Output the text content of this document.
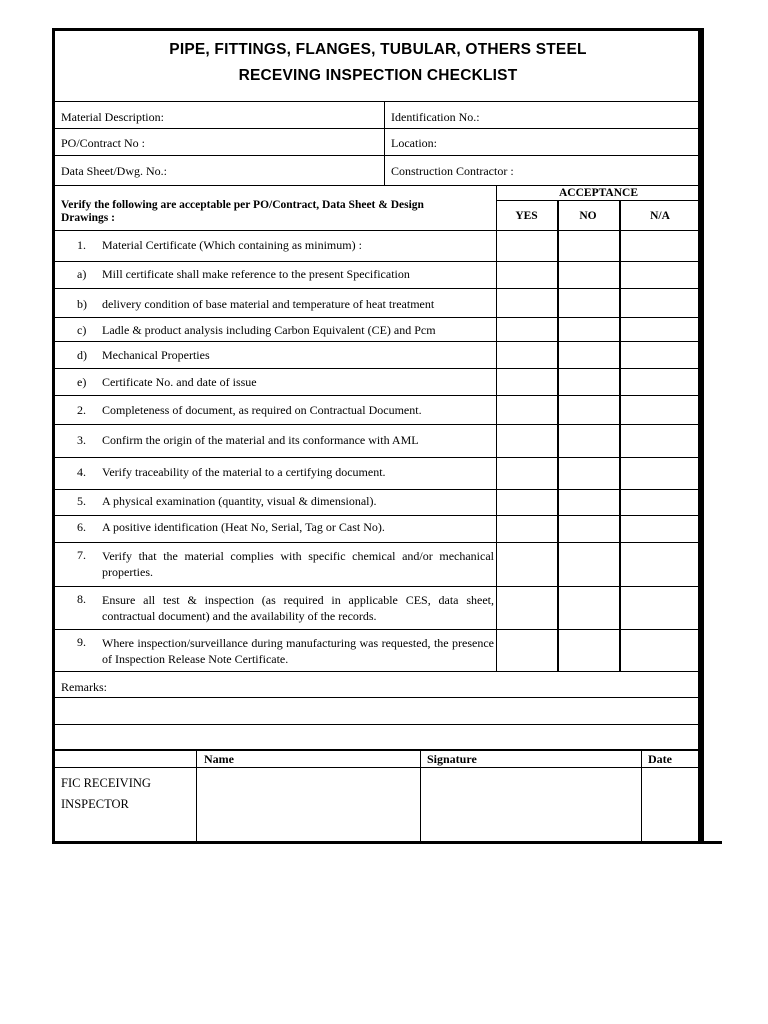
PIPE, FITTINGS, FLANGES, TUBULAR, OTHERS STEEL
RECEVING INSPECTION CHECKLIST
Material Description:	Identification No.:
PO/Contract No :	Location:
Data Sheet/Dwg. No.:	Construction Contractor :
Verify the following are acceptable per PO/Contract, Data Sheet & Design
Drawings :
ACCEPTANCE
YES	NO	N/A
1. Material Certificate (Which containing as minimum) :
a) Mill certificate shall make reference to the present Specification
b) delivery condition of base material and temperature of heat treatment
c) Ladle & product analysis including Carbon Equivalent (CE) and Pcm
d) Mechanical Properties
e) Certificate No. and date of issue
2. Completeness of document, as required on Contractual Document.
3. Confirm the origin of the material and its conformance with AML
4. Verify traceability of the material to a certifying document.
5. A physical examination (quantity, visual & dimensional).
6. A positive identification (Heat No, Serial, Tag or Cast No).
7. Verify that the material complies with specific chemical and/or mechanical properties.
8. Ensure all test & inspection (as required in applicable CES, data sheet, contractual document) and the availability of the records.
9. Where inspection/surveillance during manufacturing was requested, the presence of Inspection Release Note Certificate.
Remarks:
Name	Signature	Date
FIC RECEIVING
INSPECTOR
